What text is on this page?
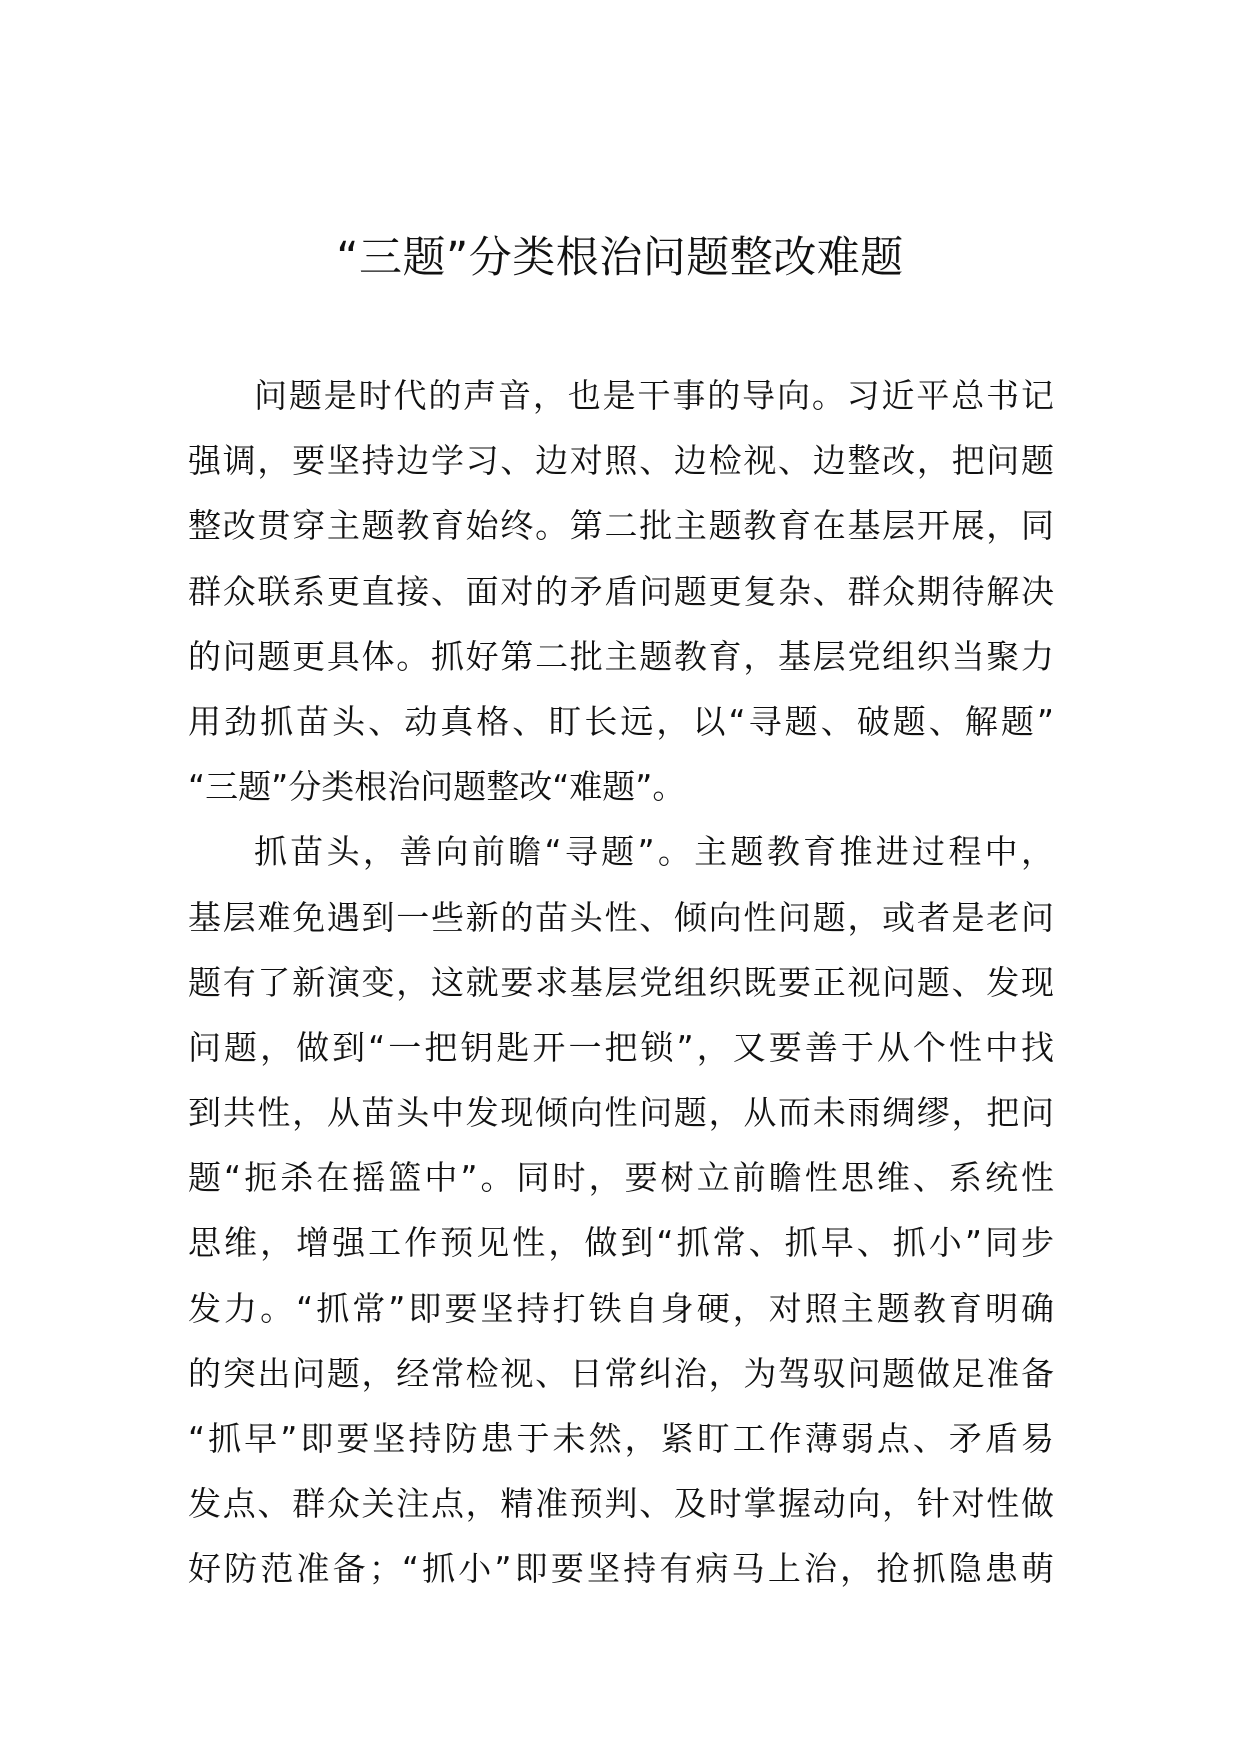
“三题”分类根治问题整改难题
问题是时代的声音，也是干事的导向。习近平总书记
强调，要坚持边学习、边对照、边检视、边整改，把问题
整改贯穿主题教育始终。第二批主题教育在基层开展，同
群众联系更直接、面对的矛盾问题更复杂、群众期待解决
的问题更具体。抓好第二批主题教育，基层党组织当聚力
用劲抓苗头、动真格、盯长远，以“寻题、破题、解题”
“三题”分类根治问题整改“难题”。
抓苗头，善向前瞻“寻题”。主题教育推进过程中，
基层难免遇到一些新的苗头性、倾向性问题，或者是老问
题有了新演变，这就要求基层党组织既要正视问题、发现
问题，做到“一把钥匙开一把锁”，又要善于从个性中找
到共性，从苗头中发现倾向性问题，从而未雨绸缪，把问
题“扼杀在摇篮中”。同时，要树立前瞻性思维、系统性
思维，增强工作预见性，做到“抓常、抓早、抓小”同步
发力。“抓常”即要坚持打铁自身硬，对照主题教育明确
的突出问题，经常检视、日常纠治，为驾驭问题做足准备
“抓早”即要坚持防患于未然，紧盯工作薄弱点、矛盾易
发点、群众关注点，精准预判、及时掌握动向，针对性做
好防范准备；“抓小”即要坚持有病马上治，抢抓隐患萌
